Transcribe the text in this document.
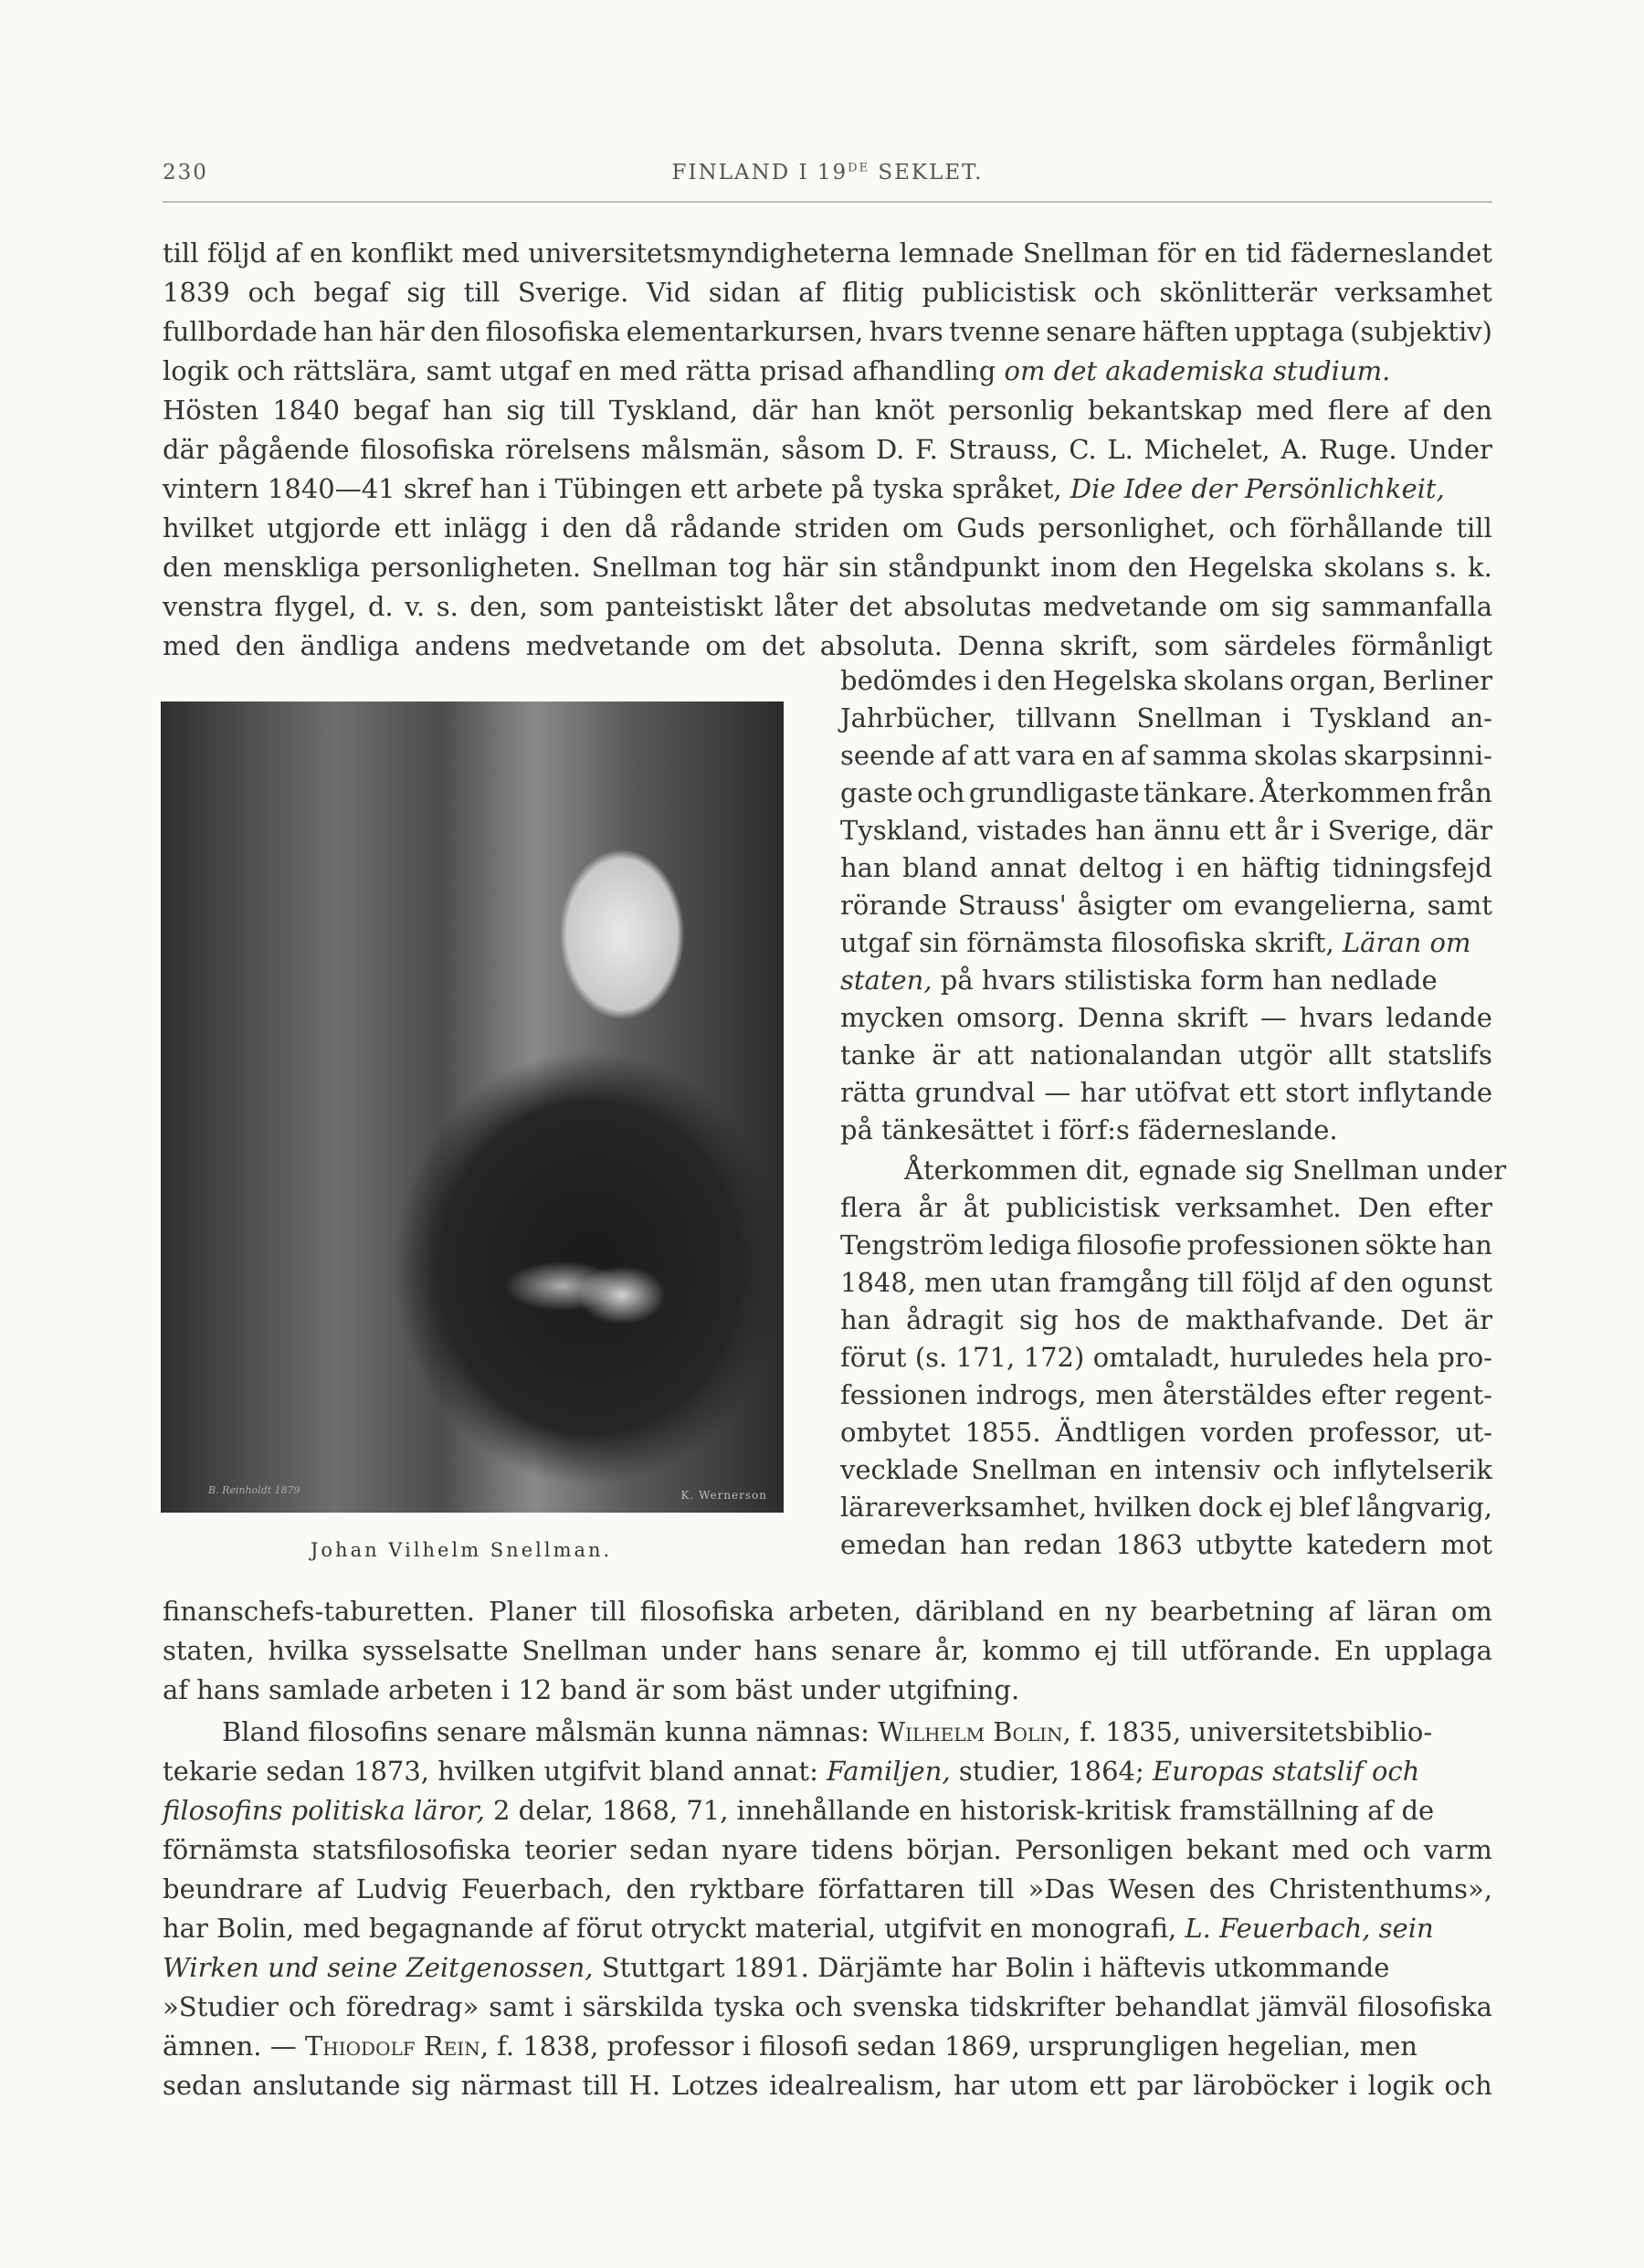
230	FINLAND I 19DE SEKLET.
till följd af en konflikt med universitetsmyndigheterna lemnade Snellman för en tid fäderneslandet
1839 och begaf sig till Sverige. Vid sidan af flitig publicistisk och skönlitterär verksamhet
fullbordade han här den filosofiska elementarkursen, hvars tvenne senare häften upptaga (subjektiv)
logik och rättslära, samt utgaf en med rätta prisad afhandling om det akademiska studium.
Hösten 1840 begaf han sig till Tyskland, där han knöt personlig bekantskap med flere af den
där pågående filosofiska rörelsens målsmän, såsom D. F. Strauss, C. L. Michelet, A. Ruge. Under
vintern 1840—41 skref han i Tübingen ett arbete på tyska språket, Die Idee der Persönlichkeit,
hvilket utgjorde ett inlägg i den då rådande striden om Guds personlighet, och förhållande till
den menskliga personligheten. Snellman tog här sin ståndpunkt inom den Hegelska skolans s. k.
venstra flygel, d. v. s. den, som panteistiskt låter det absolutas medvetande om sig sammanfalla
med den ändliga andens medvetande om det absoluta. Denna skrift, som särdeles förmånligt
B. Reinholdt 1879	K. Wernerson
Johan Vilhelm Snellman.
bedömdes i den Hegelska skolans organ, Berliner
Jahrbücher, tillvann Snellman i Tyskland an-
seende af att vara en af samma skolas skarpsinni-
gaste och grundligaste tänkare. Återkommen från
Tyskland, vistades han ännu ett år i Sverige, där
han bland annat deltog i en häftig tidningsfejd
rörande Strauss' åsigter om evangelierna, samt
utgaf sin förnämsta filosofiska skrift, Läran om
staten, på hvars stilistiska form han nedlade
mycken omsorg. Denna skrift — hvars ledande
tanke är att nationalandan utgör allt statslifs
rätta grundval — har utöfvat ett stort inflytande
på tänkesättet i förf:s fäderneslande.
Återkommen dit, egnade sig Snellman under
flera år åt publicistisk verksamhet. Den efter
Tengström lediga filosofie professionen sökte han
1848, men utan framgång till följd af den ogunst
han ådragit sig hos de makthafvande. Det är
förut (s. 171, 172) omtaladt, huruledes hela pro-
fessionen indrogs, men återstäldes efter regent-
ombytet 1855. Ändtligen vorden professor, ut-
vecklade Snellman en intensiv och inflytelserik
lärareverksamhet, hvilken dock ej blef långvarig,
emedan han redan 1863 utbytte katedern mot
finanschefs-taburetten. Planer till filosofiska arbeten, däribland en ny bearbetning af läran om
staten, hvilka sysselsatte Snellman under hans senare år, kommo ej till utförande. En upplaga
af hans samlade arbeten i 12 band är som bäst under utgifning.
Bland filosofins senare målsmän kunna nämnas: Wilhelm Bolin, f. 1835, universitetsbiblio-
tekarie sedan 1873, hvilken utgifvit bland annat: Familjen, studier, 1864; Europas statslif och
filosofins politiska läror, 2 delar, 1868, 71, innehållande en historisk-kritisk framställning af de
förnämsta statsfilosofiska teorier sedan nyare tidens början. Personligen bekant med och varm
beundrare af Ludvig Feuerbach, den ryktbare författaren till »Das Wesen des Christenthums»,
har Bolin, med begagnande af förut otryckt material, utgifvit en monografi, L. Feuerbach, sein
Wirken und seine Zeitgenossen, Stuttgart 1891. Därjämte har Bolin i häftevis utkommande
»Studier och föredrag» samt i särskilda tyska och svenska tidskrifter behandlat jämväl filosofiska
ämnen. — Thiodolf Rein, f. 1838, professor i filosofi sedan 1869, ursprungligen hegelian, men
sedan anslutande sig närmast till H. Lotzes idealrealism, har utom ett par läroböcker i logik och
